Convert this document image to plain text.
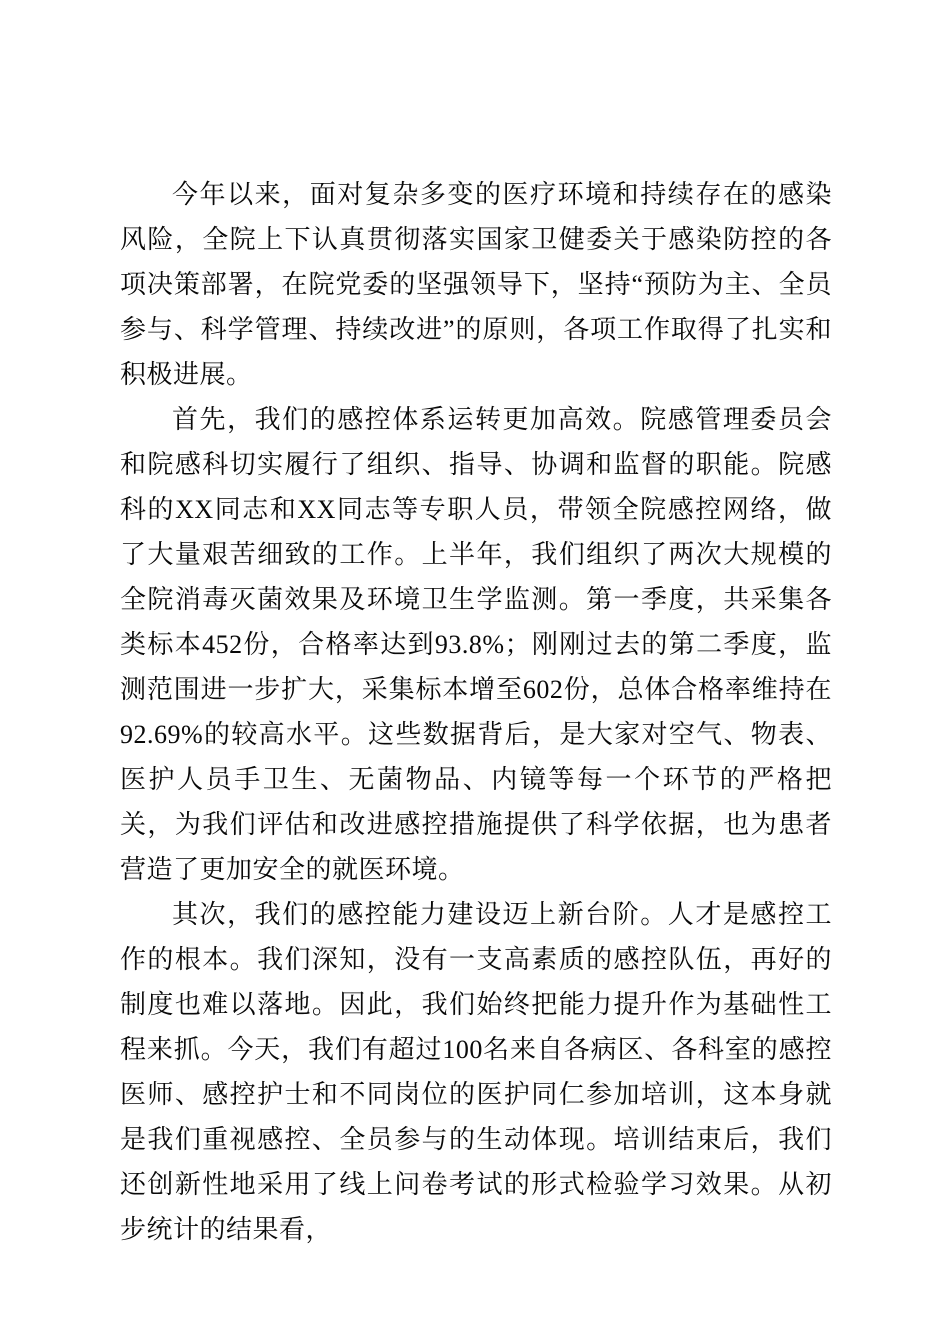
今年以来，面对复杂多变的医疗环境和持续存在的感染风险，全院上下认真贯彻落实国家卫健委关于感染防控的各项决策部署，在院党委的坚强领导下，坚持“预防为主、全员参与、科学管理、持续改进”的原则，各项工作取得了扎实和积极进展。

首先，我们的感控体系运转更加高效。院感管理委员会和院感科切实履行了组织、指导、协调和监督的职能。院感科的XX同志和XX同志等专职人员，带领全院感控网络，做了大量艰苦细致的工作。上半年，我们组织了两次大规模的全院消毒灭菌效果及环境卫生学监测。第一季度，共采集各类标本452份，合格率达到93.8%；刚刚过去的第二季度，监测范围进一步扩大，采集标本增至602份，总体合格率维持在92.69%的较高水平。这些数据背后，是大家对空气、物表、医护人员手卫生、无菌物品、内镜等每一个环节的严格把关，为我们评估和改进感控措施提供了科学依据，也为患者营造了更加安全的就医环境。

其次，我们的感控能力建设迈上新台阶。人才是感控工作的根本。我们深知，没有一支高素质的感控队伍，再好的制度也难以落地。因此，我们始终把能力提升作为基础性工程来抓。今天，我们有超过100名来自各病区、各科室的感控医师、感控护士和不同岗位的医护同仁参加培训，这本身就是我们重视感控、全员参与的生动体现。培训结束后，我们还创新性地采用了线上问卷考试的形式检验学习效果。从初步统计的结果看，
